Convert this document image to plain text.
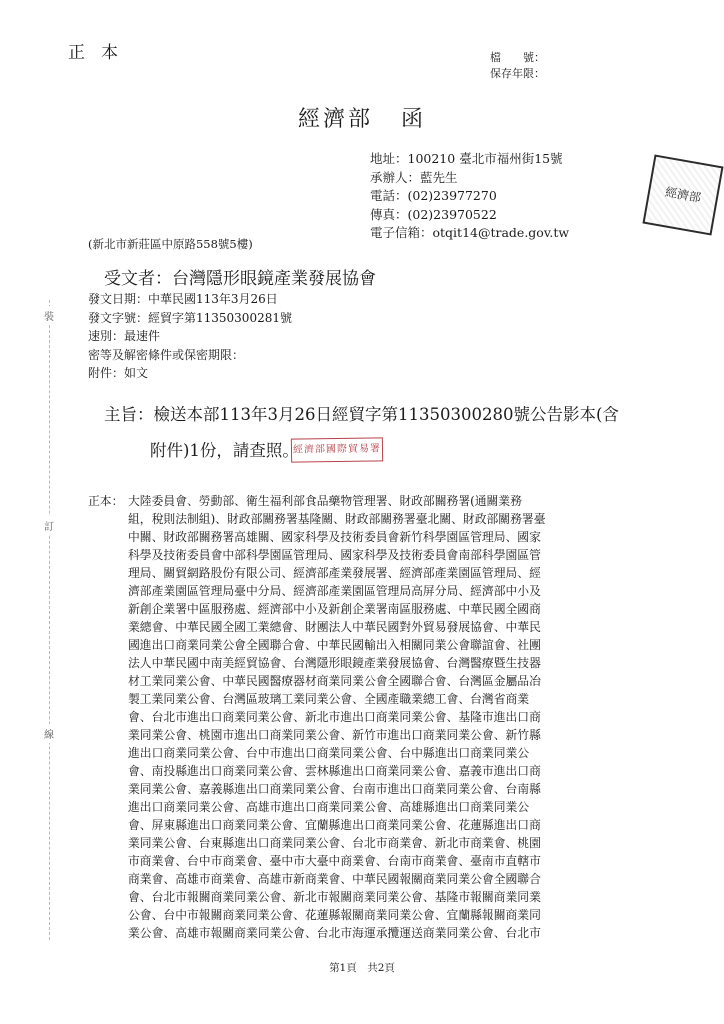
正本	檔　　號：
保存年限：
經濟部 函
地址：100210 臺北市福州街15號
承辦人：藍先生
電話：(02)23977270
傳真：(02)23970522
電子信箱：otqit14@trade.gov.tw
經濟部
(新北市新莊區中原路558號5樓)
受文者：台灣隱形眼鏡產業發展協會
發文日期：中華民國113年3月26日
發文字號：經貿字第11350300281號
速別：最速件
密等及解密條件或保密期限：
附件：如文
主旨：檢送本部113年3月26日經貿字第11350300280號公告影本(含
附件)1份，請查照。
經濟部國際貿易署
正本： 大陸委員會、勞動部、衛生福利部食品藥物管理署、財政部關務署(通關業務
組，稅則法制組)、財政部關務署基隆關、財政部關務署臺北關、財政部關務署臺
中關、財政部關務署高雄關、國家科學及技術委員會新竹科學園區管理局、國家
科學及技術委員會中部科學園區管理局、國家科學及技術委員會南部科學園區管
理局、關貿網路股份有限公司、經濟部產業發展署、經濟部產業園區管理局、經
濟部產業園區管理局臺中分局、經濟部產業園區管理局高屏分局、經濟部中小及
新創企業署中區服務處、經濟部中小及新創企業署南區服務處、中華民國全國商
業總會、中華民國全國工業總會、財團法人中華民國對外貿易發展協會、中華民
國進出口商業同業公會全國聯合會、中華民國輸出入相關同業公會聯誼會、社團
法人中華民國中南美經貿協會、台灣隱形眼鏡產業發展協會、台灣醫療暨生技器
材工業同業公會、中華民國醫療器材商業同業公會全國聯合會、台灣區金屬品冶
製工業同業公會、台灣區玻璃工業同業公會、全國產職業總工會、台灣省商業
會、台北市進出口商業同業公會、新北市進出口商業同業公會、基隆市進出口商
業同業公會、桃園市進出口商業同業公會、新竹市進出口商業同業公會、新竹縣
進出口商業同業公會、台中市進出口商業同業公會、台中縣進出口商業同業公
會、南投縣進出口商業同業公會、雲林縣進出口商業同業公會、嘉義市進出口商
業同業公會、嘉義縣進出口商業同業公會、台南市進出口商業同業公會、台南縣
進出口商業同業公會、高雄市進出口商業同業公會、高雄縣進出口商業同業公
會、屏東縣進出口商業同業公會、宜蘭縣進出口商業同業公會、花蓮縣進出口商
業同業公會、台東縣進出口商業同業公會、台北市商業會、新北市商業會、桃園
市商業會、台中市商業會、臺中市大臺中商業會、台南市商業會、臺南市直轄市
商業會、高雄市商業會、高雄市新商業會、中華民國報關商業同業公會全國聯合
會、台北市報關商業同業公會、新北市報關商業同業公會、基隆市報關商業同業
公會、台中市報關商業同業公會、花蓮縣報關商業同業公會、宜蘭縣報關商業同
業公會、高雄市報關商業同業公會、台北市海運承攬運送商業同業公會、台北市
裝
訂
線
第1頁　共2頁
